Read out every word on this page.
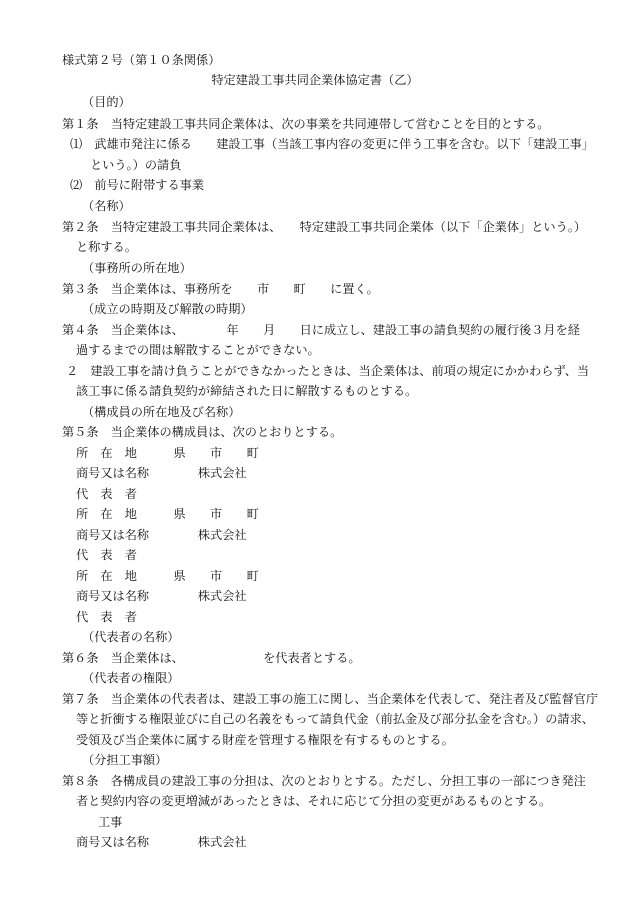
様式第２号（第１０条関係）
特定建設工事共同企業体協定書（乙）
（目的）
第１条　当特定建設工事共同企業体は、次の事業を共同連帯して営むことを目的とする。
⑴　武雄市発注に係る　　建設工事（当該工事内容の変更に伴う工事を含む。以下「建設工事」
という。）の請負
⑵　前号に附帯する事業
（名称）
第２条　当特定建設工事共同企業体は、　　特定建設工事共同企業体（以下「企業体」という。）
と称する。
（事務所の所在地）
第３条　当企業体は、事務所を　　市　　町　　に置く。
（成立の時期及び解散の時期）
第４条　当企業体は、　　　　年　　月　　日に成立し、建設工事の請負契約の履行後３月を経
過するまでの間は解散することができない。
２　建設工事を請け負うことができなかったときは、当企業体は、前項の規定にかかわらず、当
該工事に係る請負契約が締結された日に解散するものとする。
（構成員の所在地及び名称）
第５条　当企業体の構成員は、次のとおりとする。
所　在　地　　　県　　市　　町
商号又は名称　　　　株式会社
代　表　者
所　在　地　　　県　　市　　町
商号又は名称　　　　株式会社
代　表　者
所　在　地　　　県　　市　　町
商号又は名称　　　　株式会社
代　表　者
（代表者の名称）
第６条　当企業体は、　　　　　　　を代表者とする。
（代表者の権限）
第７条　当企業体の代表者は、建設工事の施工に関し、当企業体を代表して、発注者及び監督官庁
等と折衝する権限並びに自己の名義をもって請負代金（前払金及び部分払金を含む。）の請求、
受領及び当企業体に属する財産を管理する権限を有するものとする。
（分担工事額）
第８条　各構成員の建設工事の分担は、次のとおりとする。ただし、分担工事の一部につき発注
者と契約内容の変更増減があったときは、それに応じて分担の変更があるものとする。
工事
商号又は名称　　　　株式会社
